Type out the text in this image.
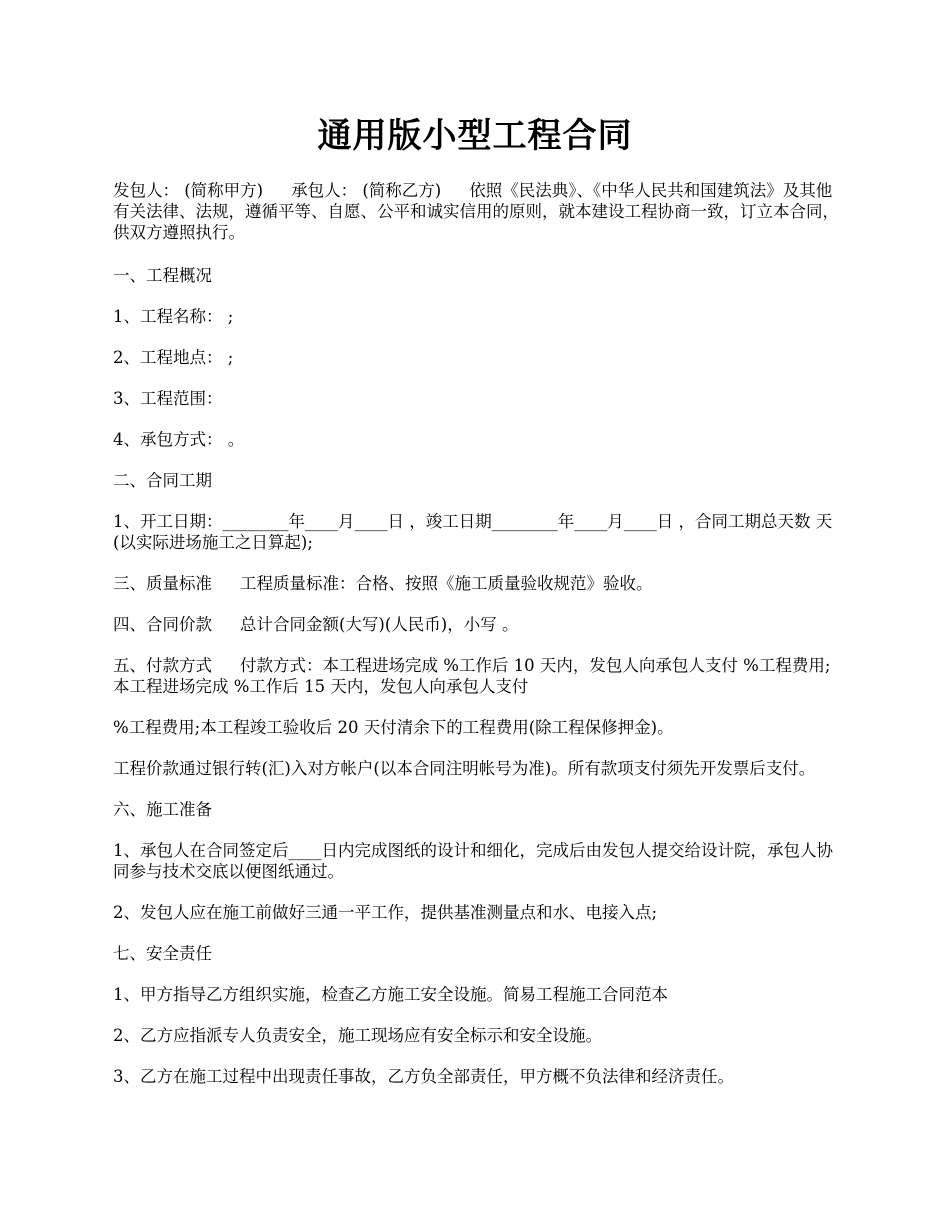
通用版小型工程合同

发包人： (简称甲方) 承包人： (简称乙方) 依照《民法典》、《中华人民共和国建筑法》及其他有关法律、法规，遵循平等、自愿、公平和诚实信用的原则，就本建设工程协商一致，订立本合同，供双方遵照执行。

一、工程概况

1、工程名称： ;

2、工程地点： ;

3、工程范围：

4、承包方式： 。

二、合同工期

1、开工日期：________年____月____日 ，竣工日期________年____月____日 ，合同工期总天数 天(以实际进场施工之日算起);

三、质量标准 工程质量标准：合格、按照《施工质量验收规范》验收。

四、合同价款 总计合同金额(大写)(人民币)，小写 。

五、付款方式 付款方式：本工程进场完成 %工作后 10 天内，发包人向承包人支付 %工程费用;本工程进场完成 %工作后 15 天内，发包人向承包人支付

%工程费用;本工程竣工验收后 20 天付清余下的工程费用(除工程保修押金)。

工程价款通过银行转(汇)入对方帐户(以本合同注明帐号为准)。所有款项支付须先开发票后支付。

六、施工准备

1、承包人在合同签定后____日内完成图纸的设计和细化，完成后由发包人提交给设计院，承包人协同参与技术交底以便图纸通过。

2、发包人应在施工前做好三通一平工作，提供基准测量点和水、电接入点;

七、安全责任

1、甲方指导乙方组织实施，检查乙方施工安全设施。简易工程施工合同范本

2、乙方应指派专人负责安全，施工现场应有安全标示和安全设施。

3、乙方在施工过程中出现责任事故，乙方负全部责任，甲方概不负法律和经济责任。
